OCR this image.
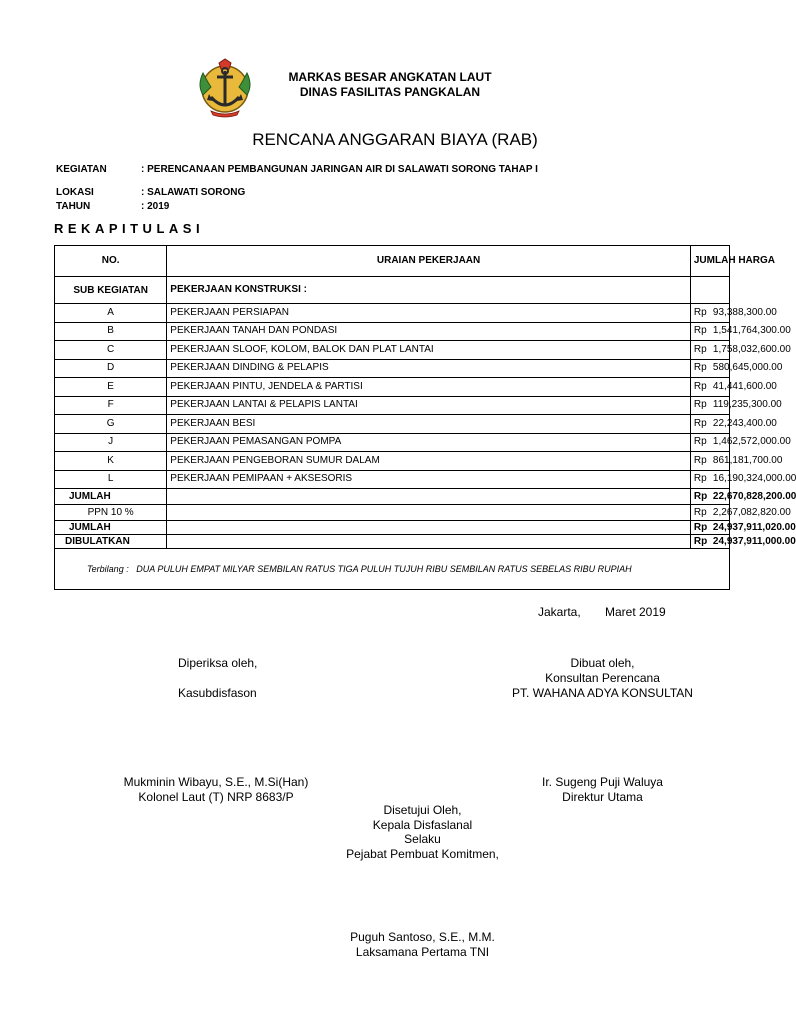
MARKAS BESAR ANGKATAN LAUT
DINAS FASILITAS PANGKALAN
RENCANA ANGGARAN BIAYA (RAB)
KEGIATAN	: PERENCANAAN PEMBANGUNAN JARINGAN AIR DI SALAWATI SORONG TAHAP I
LOKASI	: SALAWATI SORONG
TAHUN	: 2019
REKAPITULASI
NO.	URAIAN PEKERJAAN	JUMLAH HARGA	
SUB KEGIATAN	PEKERJAAN KONSTRUKSI :		
A	PEKERJAAN PERSIAPAN	Rp	93,388,300.00
B	PEKERJAAN TANAH DAN PONDASI	Rp	1,541,764,300.00
C	PEKERJAAN SLOOF, KOLOM, BALOK DAN PLAT LANTAI	Rp	1,758,032,600.00
D	PEKERJAAN DINDING & PELAPIS	Rp	580,645,000.00
E	PEKERJAAN PINTU, JENDELA & PARTISI	Rp	41,441,600.00
F	PEKERJAAN LANTAI & PELAPIS LANTAI	Rp	119,235,300.00
G	PEKERJAAN BESI	Rp	22,243,400.00
J	PEKERJAAN PEMASANGAN POMPA	Rp	1,462,572,000.00
K	PEKERJAAN PENGEBORAN SUMUR DALAM	Rp	861,181,700.00
L	PEKERJAAN PEMIPAAN + AKSESORIS	Rp	16,190,324,000.00
JUMLAH		Rp	22,670,828,200.00
PPN 10 %		Rp	2,267,082,820.00
JUMLAH		Rp	24,937,911,020.00
DIBULATKAN		Rp	24,937,911,000.00
Terbilang : DUA PULUH EMPAT MILYAR SEMBILAN RATUS TIGA PULUH TUJUH RIBU SEMBILAN RATUS SEBELAS RIBU RUPIAH			
Jakarta, Maret 2019
Diperiksa oleh,
Kasubdisfason
Mukminin Wibayu, S.E., M.Si(Han)
Kolonel Laut (T) NRP 8683/P
Dibuat oleh,
Konsultan Perencana
PT. WAHANA ADYA KONSULTAN
Ir. Sugeng Puji Waluya
Direktur Utama
Disetujui Oleh,
Kepala Disfaslanal
Selaku
Pejabat Pembuat Komitmen,
Puguh Santoso, S.E., M.M.
Laksamana Pertama TNI
